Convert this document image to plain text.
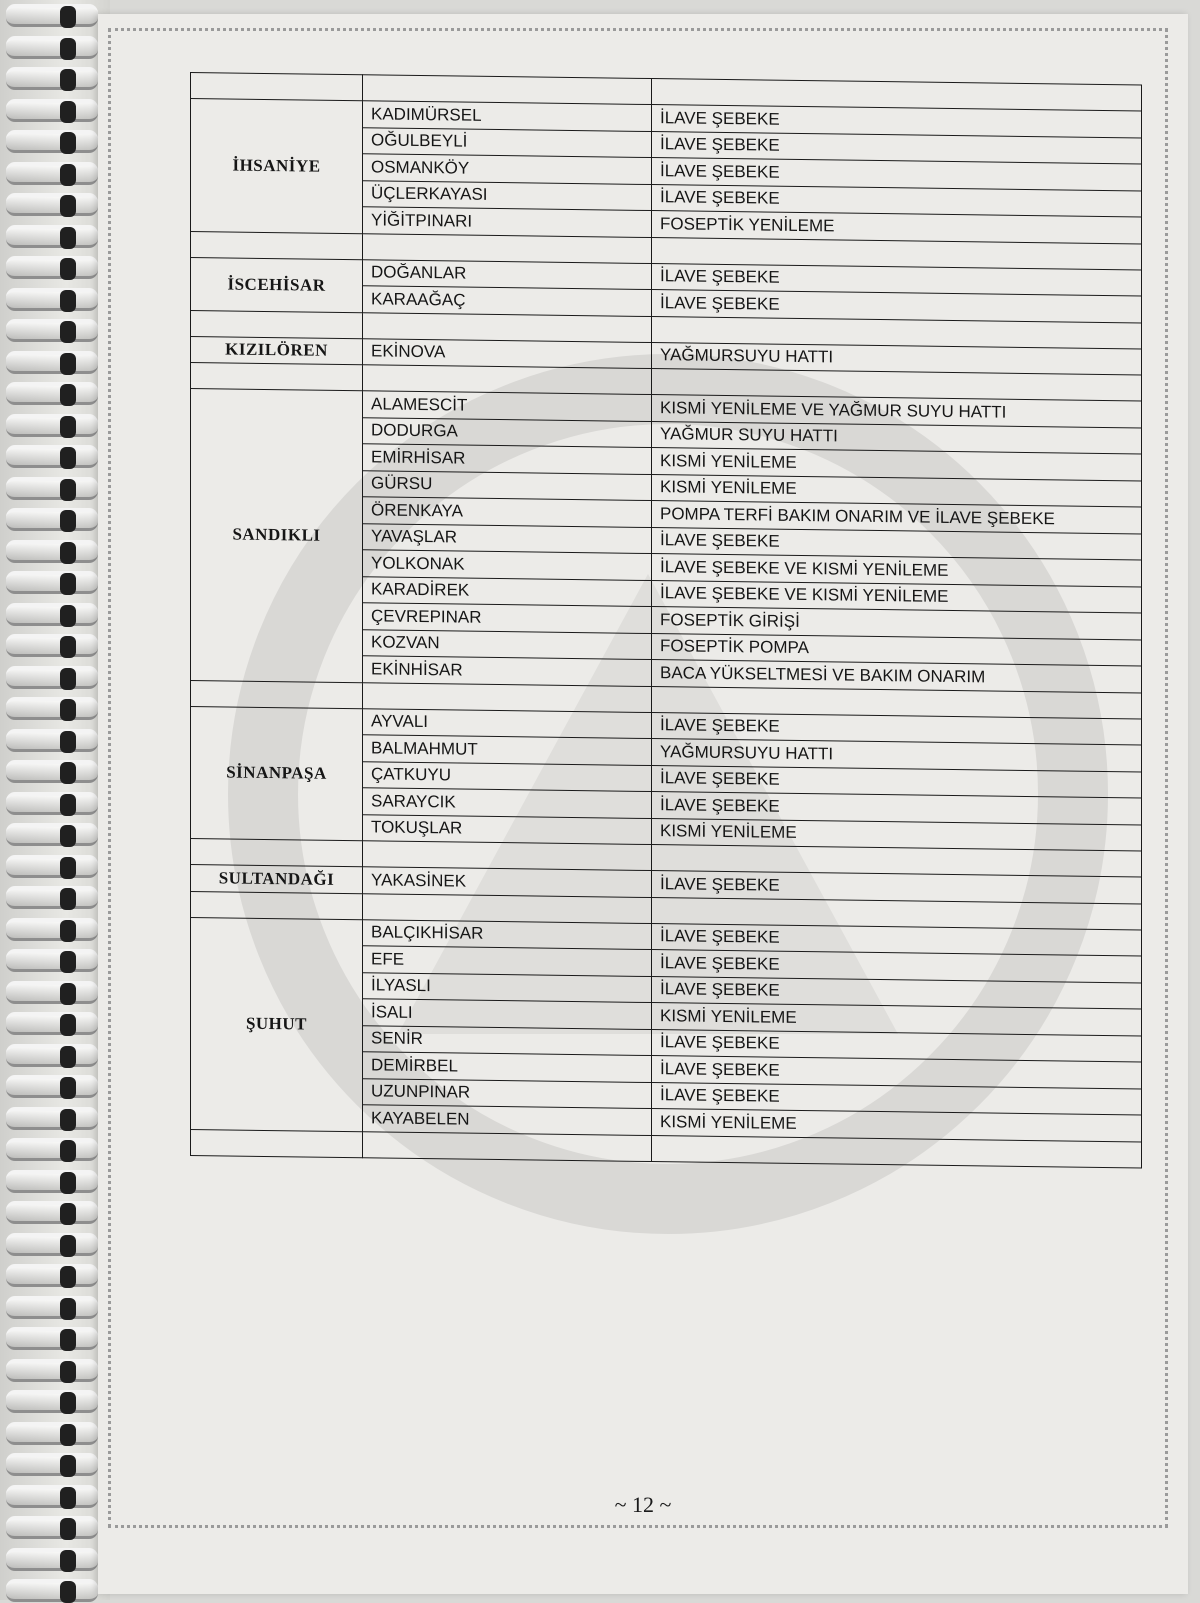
İHSANİYE	KADIMÜRSEL	İLAVE ŞEBEKE
	OĞULBEYLİ	İLAVE ŞEBEKE
	OSMANKÖY	İLAVE ŞEBEKE
	ÜÇLERKAYASI	İLAVE ŞEBEKE
	YİĞİTPINARI	FOSEPTİK YENİLEME

İSCEHİSAR	DOĞANLAR	İLAVE ŞEBEKE
	KARAAĞAÇ	İLAVE ŞEBEKE

KIZILÖREN	EKİNOVA	YAĞMURSUYU HATTI

SANDIKLI	ALAMESCİT	KISMİ YENİLEME VE YAĞMUR SUYU HATTI
	DODURGA	YAĞMUR SUYU HATTI
	EMİRHİSAR	KISMİ YENİLEME
	GÜRSU	KISMİ YENİLEME
	ÖRENKAYA	POMPA TERFİ BAKIM ONARIM VE İLAVE ŞEBEKE
	YAVAŞLAR	İLAVE ŞEBEKE
	YOLKONAK	İLAVE ŞEBEKE VE KISMİ YENİLEME
	KARADİREK	İLAVE ŞEBEKE VE KISMİ YENİLEME
	ÇEVREPINAR	FOSEPTİK GİRİŞİ
	KOZVAN	FOSEPTİK POMPA
	EKİNHİSAR	BACA YÜKSELTMESİ VE BAKIM ONARIM

SİNANPAŞA	AYVALI	İLAVE ŞEBEKE
	BALMAHMUT	YAĞMURSUYU HATTI
	ÇATKUYU	İLAVE ŞEBEKE
	SARAYCIK	İLAVE ŞEBEKE
	TOKUŞLAR	KISMİ YENİLEME

SULTANDAĞI	YAKASİNEK	İLAVE ŞEBEKE

ŞUHUT	BALÇIKHİSAR	İLAVE ŞEBEKE
	EFE	İLAVE ŞEBEKE
	İLYASLI	İLAVE ŞEBEKE
	İSALI	KISMİ YENİLEME
	SENİR	İLAVE ŞEBEKE
	DEMİRBEL	İLAVE ŞEBEKE
	UZUNPINAR	İLAVE ŞEBEKE
	KAYABELEN	KISMİ YENİLEME

~ 12 ~
